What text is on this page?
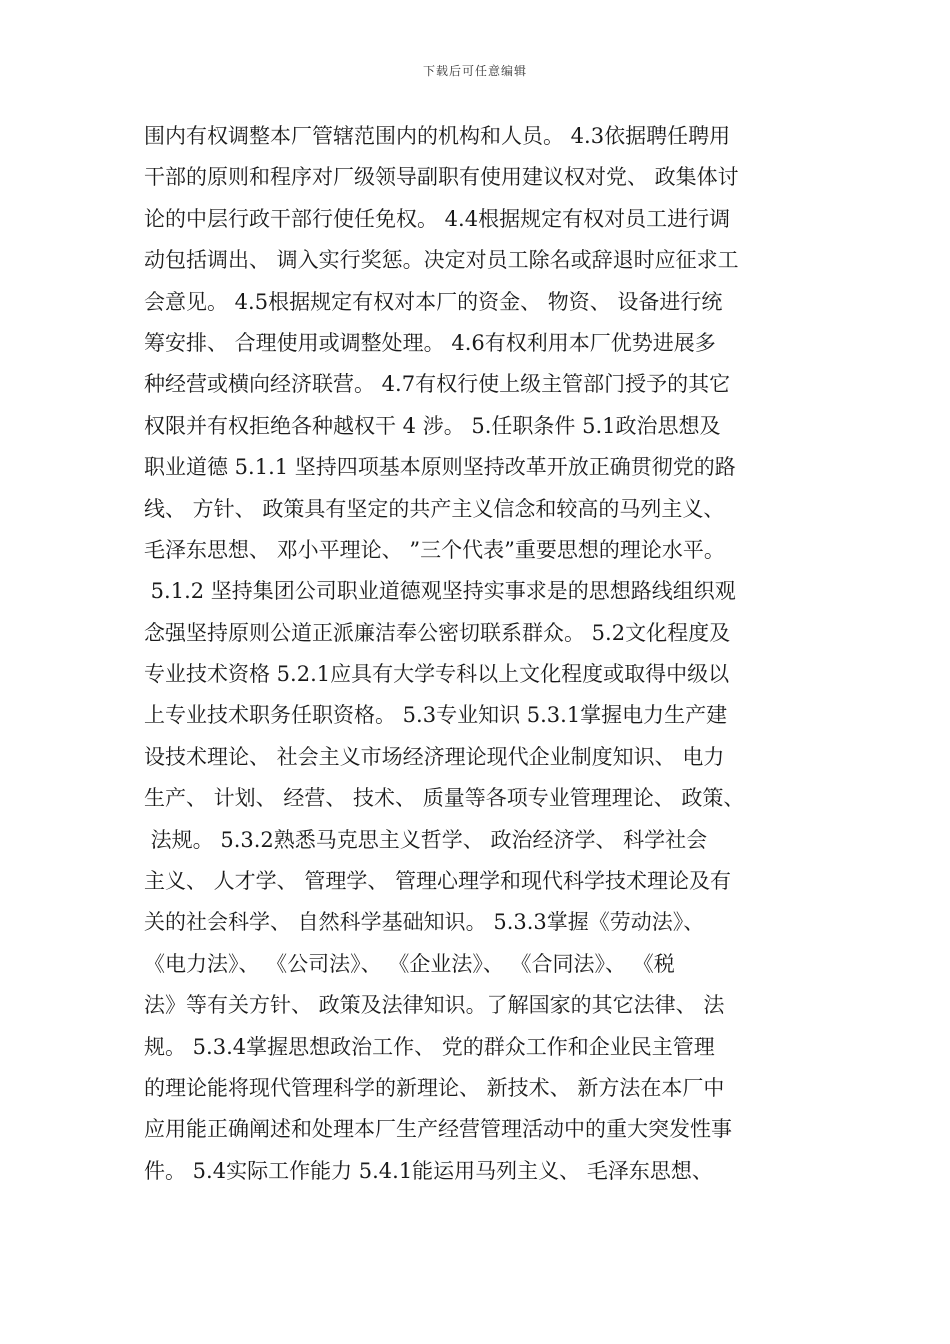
下载后可任意编辑
围内有权调整本厂管辖范围内的机构和人员。 4.3依据聘任聘用
干部的原则和程序对厂级领导副职有使用建议权对党、 政集体讨
论的中层行政干部行使任免权。 4.4根据规定有权对员工进行调
动包括调出、 调入实行奖惩。决定对员工除名或辞退时应征求工
会意见。 4.5根据规定有权对本厂的资金、 物资、 设备进行统
筹安排、 合理使用或调整处理。 4.6有权利用本厂优势进展多
种经营或横向经济联营。 4.7有权行使上级主管部门授予的其它
权限并有权拒绝各种越权干 4 涉。 5.任职条件 5.1政治思想及
职业道德 5.1.1 坚持四项基本原则坚持改革开放正确贯彻党的路
线、 方针、 政策具有坚定的共产主义信念和较高的马列主义、
毛泽东思想、 邓小平理论、 ”三个代表”重要思想的理论水平。
5.1.2 坚持集团公司职业道德观坚持实事求是的思想路线组织观
念强坚持原则公道正派廉洁奉公密切联系群众。 5.2文化程度及
专业技术资格 5.2.1应具有大学专科以上文化程度或取得中级以
上专业技术职务任职资格。 5.3专业知识 5.3.1掌握电力生产建
设技术理论、 社会主义市场经济理论现代企业制度知识、 电力
生产、 计划、 经营、 技术、 质量等各项专业管理理论、 政策、
法规。 5.3.2熟悉马克思主义哲学、 政治经济学、 科学社会
主义、 人才学、 管理学、 管理心理学和现代科学技术理论及有
关的社会科学、 自然科学基础知识。 5.3.3掌握《劳动法》、
《电力法》、 《公司法》、 《企业法》、 《合同法》、 《税
法》等有关方针、 政策及法律知识。了解国家的其它法律、 法
规。 5.3.4掌握思想政治工作、 党的群众工作和企业民主管理
的理论能将现代管理科学的新理论、 新技术、 新方法在本厂中
应用能正确阐述和处理本厂生产经营管理活动中的重大突发性事
件。 5.4实际工作能力 5.4.1能运用马列主义、 毛泽东思想、
